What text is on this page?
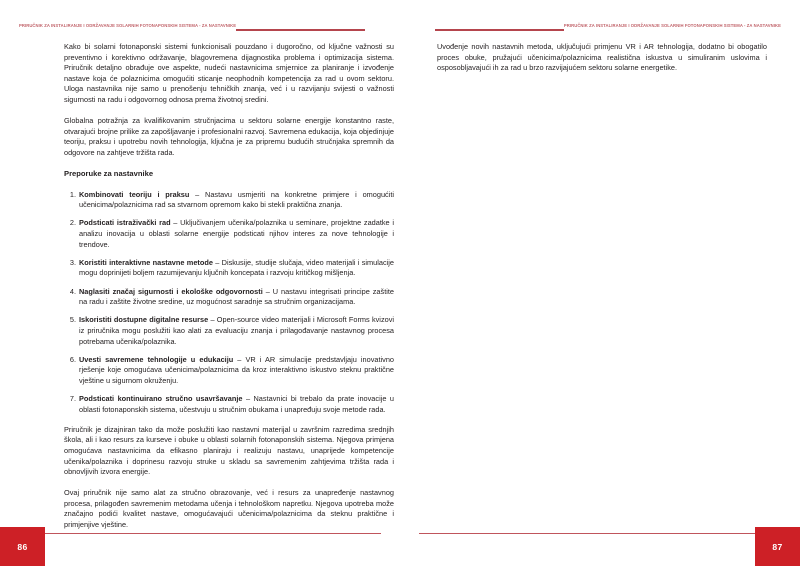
PRIRUČNIK ZA INSTALIRANJE I ODRŽAVANJE SOLARNIH FOTONAPONSKIH SISTEMA - ZA NASTAVNIKE

Kako bi solarni fotonaponski sistemi funkcionisali pouzdano i dugoročno, od ključne važnosti su preventivno i korektivno održavanje, blagovremena dijagnostika problema i optimizacija sistema. Priručnik detaljno obrađuje ove aspekte, nudeći nastavnicima smjernice za planiranje i izvođenje nastave koja će polaznicima omogućiti sticanje neophodnih kompetencija za rad u ovom sektoru. Uloga nastavnika nije samo u prenošenju tehničkih znanja, već i u razvijanju svijesti o važnosti sigurnosti na radu i odgovornog odnosa prema životnoj sredini.

Globalna potražnja za kvalifikovanim stručnjacima u sektoru solarne energije konstantno raste, otvarajući brojne prilike za zapošljavanje i profesionalni razvoj. Savremena edukacija, koja objedinjuje teoriju, praksu i upotrebu novih tehnologija, ključna je za pripremu budućih stručnjaka spremnih da odgovore na zahtjeve tržišta rada.

Preporuke za nastavnike
Kombinovati teoriju i praksu – Nastavu usmjeriti na konkretne primjere i omogućiti učenicima/polaznicima rad sa stvarnom opremom kako bi stekli praktična znanja.
Podsticati istraživački rad – Uključivanjem učenika/polaznika u seminare, projektne zadatke i analizu inovacija u oblasti solarne energije podsticati njihov interes za nove tehnologije i trendove.
Koristiti interaktivne nastavne metode – Diskusije, studije slučaja, video materijali i simulacije mogu doprinijeti boljem razumijevanju ključnih koncepata i razvoju kritičkog mišljenja.
Naglasiti značaj sigurnosti i ekološke odgovornosti – U nastavu integrisati principe zaštite na radu i zaštite životne sredine, uz mogućnost saradnje sa stručnim organizacijama.
Iskoristiti dostupne digitalne resurse – Open-source video materijali i Microsoft Forms kvizovi iz priručnika mogu poslužiti kao alati za evaluaciju znanja i prilagođavanje nastavnog procesa potrebama učenika/polaznika.
Uvesti savremene tehnologije u edukaciju – VR i AR simulacije predstavljaju inovativno rješenje koje omogućava učenicima/polaznicima da kroz interaktivno iskustvo steknu praktične vještine u sigurnom okruženju.
Podsticati kontinuirano stručno usavršavanje – Nastavnici bi trebalo da prate inovacije u oblasti fotonaponskih sistema, učestvuju u stručnim obukama i unapređuju svoje metode rada.

Priručnik je dizajniran tako da može poslužiti kao nastavni materijal u završnim razredima srednjih škola, ali i kao resurs za kurseve i obuke u oblasti solarnih fotonaponskih sistema. Njegova primjena omogućava nastavnicima da efikasno planiraju i realizuju nastavu, unaprijede kompetencije učenika/polaznika i doprinesu razvoju struke u skladu sa savremenim zahtjevima tržišta rada i obnovljivih izvora energije.

Ovaj priručnik nije samo alat za stručno obrazovanje, već i resurs za unapređenje nastavnog procesa, prilagođen savremenim metodama učenja i tehnološkom napretku. Njegova upotreba može značajno podići kvalitet nastave, omogućavajući učenicima/polaznicima da steknu praktične i primjenjive vještine.

86
PRIRUČNIK ZA INSTALIRANJE I ODRŽAVANJE SOLARNIH FOTONAPONSKIH SISTEMA - ZA NASTAVNIKE

Uvođenje novih nastavnih metoda, uključujući primjenu VR i AR tehnologija, dodatno bi obogatilo proces obuke, pružajući učenicima/polaznicima realistična iskustva u simuliranim uslovima i osposobljavajući ih za rad u brzo razvijajućem sektoru solarne energetike.

87
